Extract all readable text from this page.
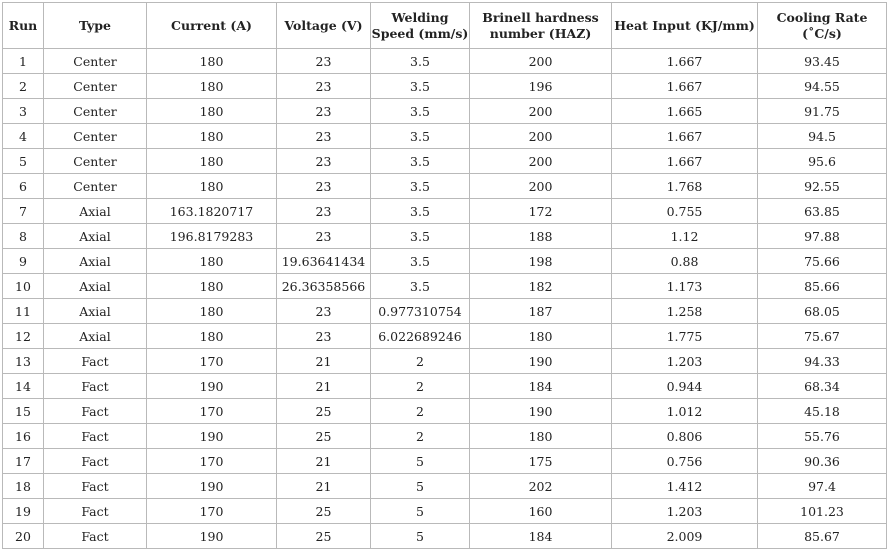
Run	Type	Current (A)	Voltage (V)	Welding Speed (mm/s)	Brinell hardness number (HAZ)	Heat Input (KJ/mm)	Cooling Rate (˚C/s)
1	Center	180	23	3.5	200	1.667	93.45
2	Center	180	23	3.5	196	1.667	94.55
3	Center	180	23	3.5	200	1.665	91.75
4	Center	180	23	3.5	200	1.667	94.5
5	Center	180	23	3.5	200	1.667	95.6
6	Center	180	23	3.5	200	1.768	92.55
7	Axial	163.1820717	23	3.5	172	0.755	63.85
8	Axial	196.8179283	23	3.5	188	1.12	97.88
9	Axial	180	19.63641434	3.5	198	0.88	75.66
10	Axial	180	26.36358566	3.5	182	1.173	85.66
11	Axial	180	23	0.977310754	187	1.258	68.05
12	Axial	180	23	6.022689246	180	1.775	75.67
13	Fact	170	21	2	190	1.203	94.33
14	Fact	190	21	2	184	0.944	68.34
15	Fact	170	25	2	190	1.012	45.18
16	Fact	190	25	2	180	0.806	55.76
17	Fact	170	21	5	175	0.756	90.36
18	Fact	190	21	5	202	1.412	97.4
19	Fact	170	25	5	160	1.203	101.23
20	Fact	190	25	5	184	2.009	85.67
